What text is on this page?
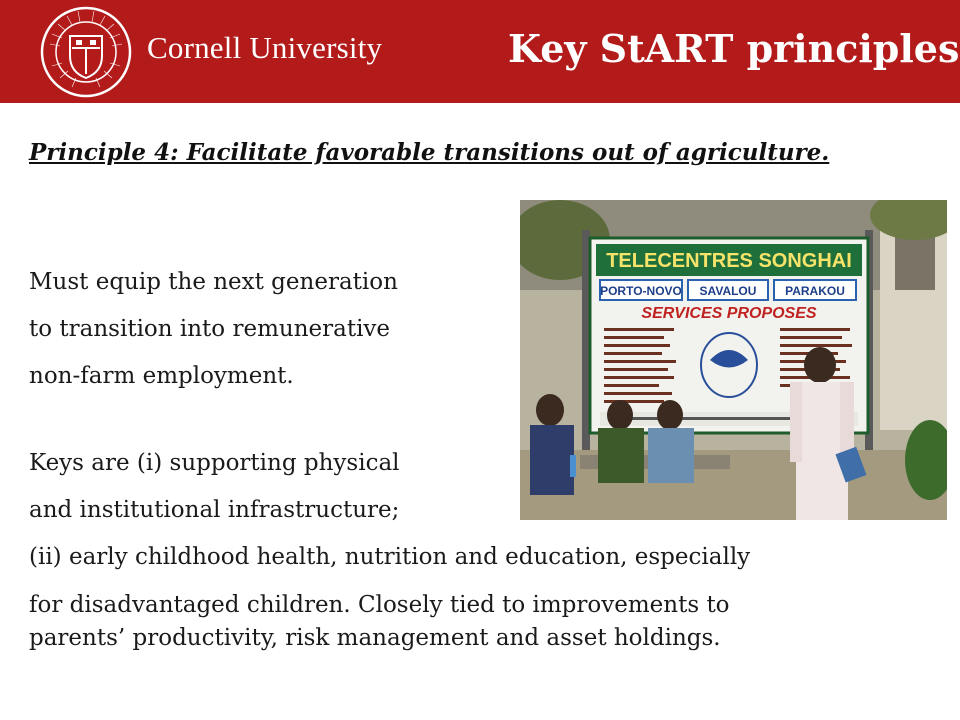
Cornell University	Key StART principles
Principle 4: Facilitate favorable transitions out of agriculture.
Must equip the next generation
to transition into remunerative
non-farm employment.
Keys are (i) supporting physical
and institutional infrastructure;
(ii) early childhood health, nutrition and education, especially
for disadvantaged children. Closely tied to improvements to
parents’ productivity, risk management and asset holdings.
TELECENTRES SONGHAI
PORTO-NOVO SAVALOU PARAKOU
SERVICES PROPOSES
